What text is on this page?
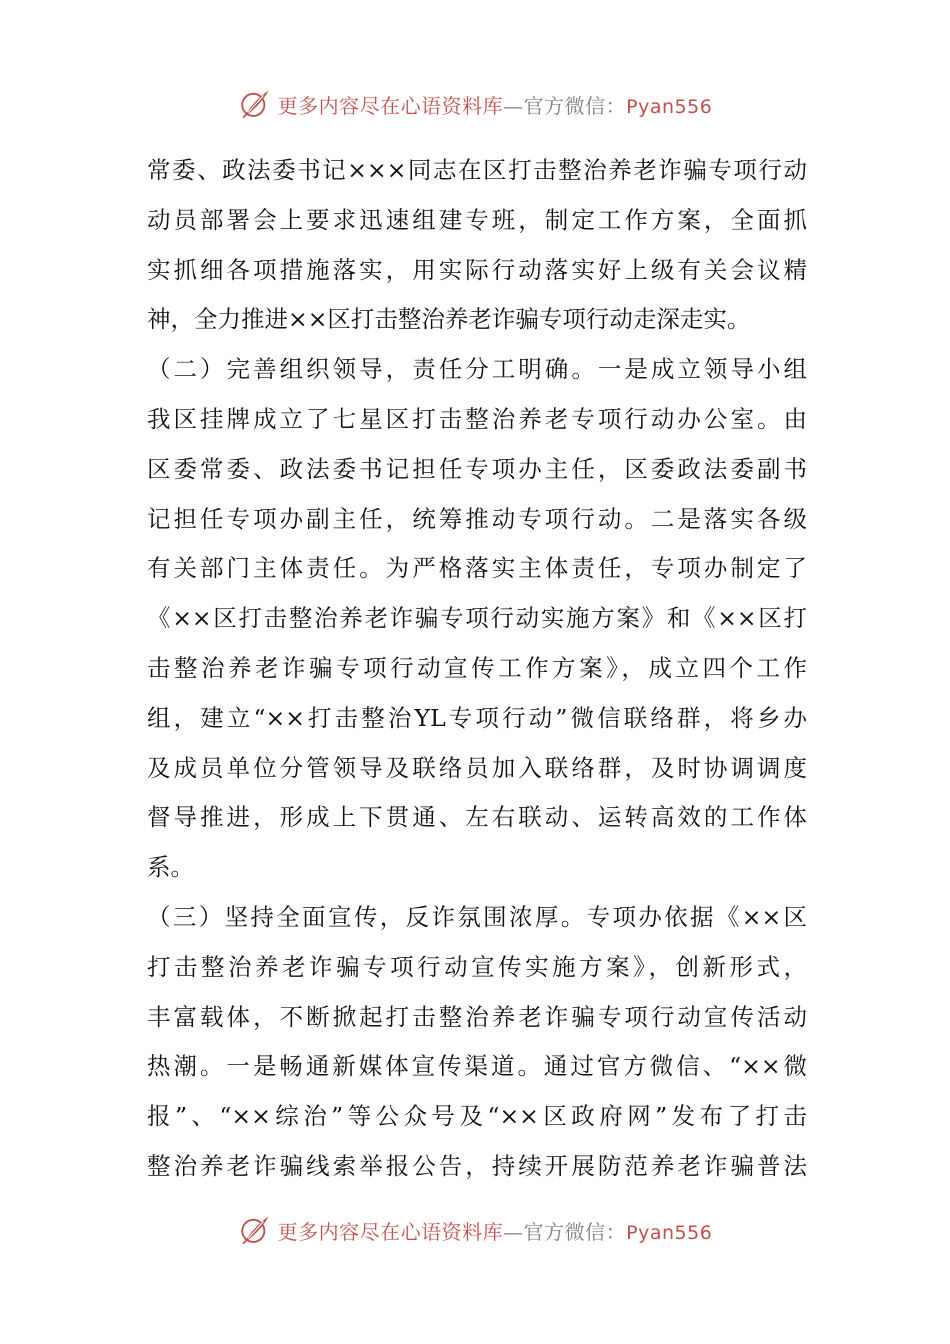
更多内容尽在心语资料库—官方微信：Pyan556
常委、政法委书记×××同志在区打击整治养老诈骗专项行动
动员部署会上要求迅速组建专班，制定工作方案，全面抓
实抓细各项措施落实，用实际行动落实好上级有关会议精
神，全力推进××区打击整治养老诈骗专项行动走深走实。
（二）完善组织领导，责任分工明确。一是成立领导小组
我区挂牌成立了七星区打击整治养老专项行动办公室。由
区委常委、政法委书记担任专项办主任，区委政法委副书
记担任专项办副主任，统筹推动专项行动。二是落实各级
有关部门主体责任。为严格落实主体责任，专项办制定了
《××区打击整治养老诈骗专项行动实施方案》和《××区打
击整治养老诈骗专项行动宣传工作方案》，成立四个工作
组，建立“××打击整治YL专项行动”微信联络群，将乡办
及成员单位分管领导及联络员加入联络群，及时协调调度
督导推进，形成上下贯通、左右联动、运转高效的工作体
系。
（三）坚持全面宣传，反诈氛围浓厚。专项办依据《××区
打击整治养老诈骗专项行动宣传实施方案》，创新形式，
丰富载体，不断掀起打击整治养老诈骗专项行动宣传活动
热潮。一是畅通新媒体宣传渠道。通过官方微信、“××微
报”、“××综治”等公众号及“××区政府网”发布了打击
整治养老诈骗线索举报公告，持续开展防范养老诈骗普法
更多内容尽在心语资料库—官方微信：Pyan556
